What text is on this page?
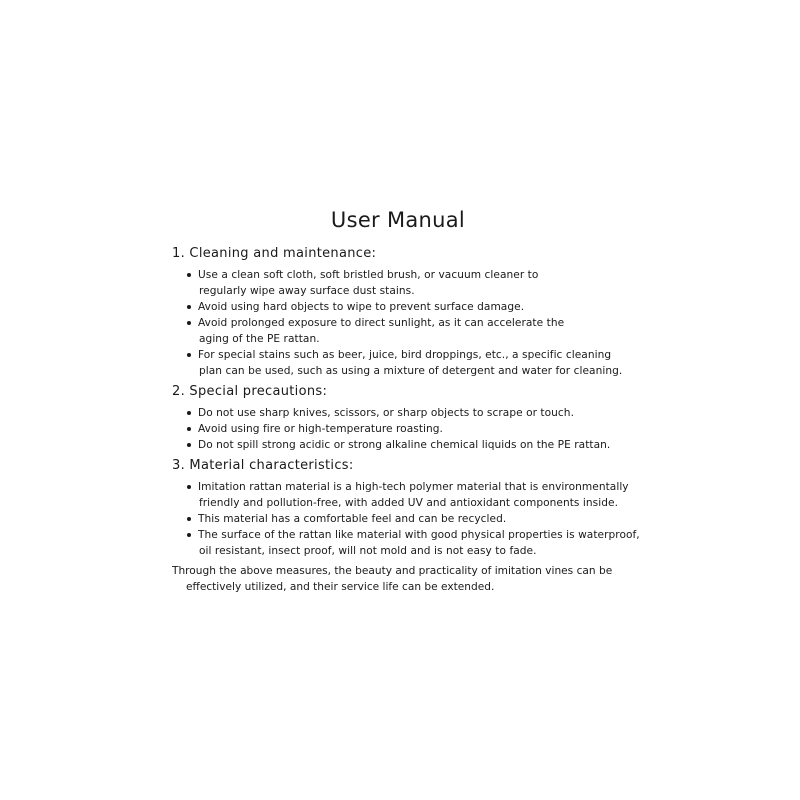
User Manual
1. Cleaning and maintenance:
Use a clean soft cloth, soft bristled brush, or vacuum cleaner to
regularly wipe away surface dust stains.
Avoid using hard objects to wipe to prevent surface damage.
Avoid prolonged exposure to direct sunlight, as it can accelerate the
aging of the PE rattan.
For special stains such as beer, juice, bird droppings, etc., a specific cleaning
plan can be used, such as using a mixture of detergent and water for cleaning.
2. Special precautions:
Do not use sharp knives, scissors, or sharp objects to scrape or touch.
Avoid using fire or high-temperature roasting.
Do not spill strong acidic or strong alkaline chemical liquids on the PE rattan.
3. Material characteristics:
Imitation rattan material is a high-tech polymer material that is environmentally
friendly and pollution-free, with added UV and antioxidant components inside.
This material has a comfortable feel and can be recycled.
The surface of the rattan like material with good physical properties is waterproof,
oil resistant, insect proof, will not mold and is not easy to fade.

Through the above measures, the beauty and practicality of imitation vines can be
effectively utilized, and their service life can be extended.
